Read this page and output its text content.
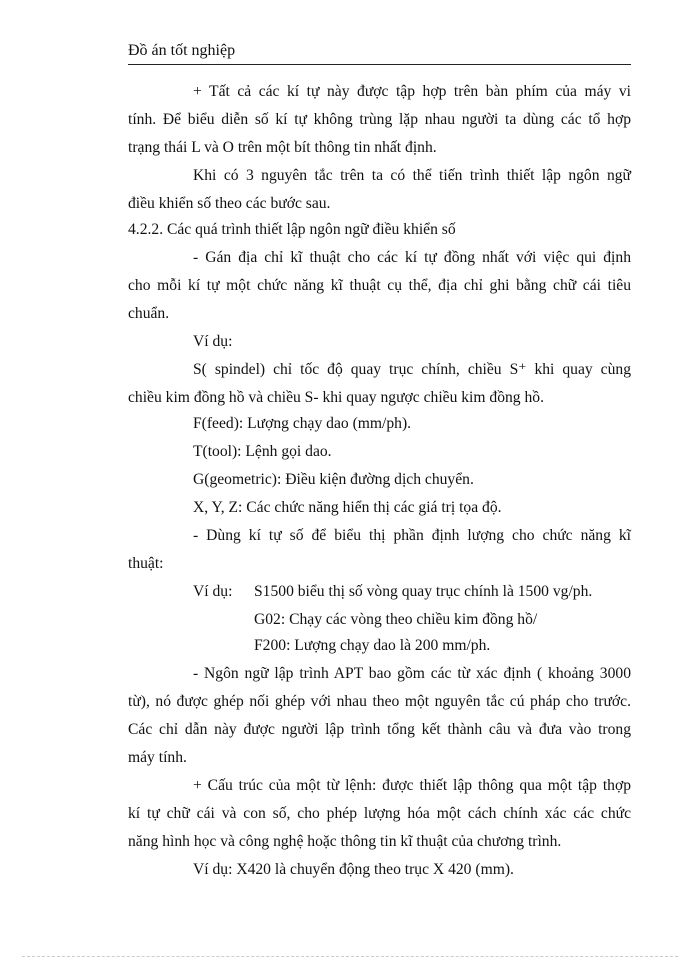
Đồ án tốt nghiệp
+ Tất cả các kí tự này được tập hợp trên bàn phím của máy vi
tính. Để biểu diễn số kí tự không trùng lặp nhau người ta dùng các tổ hợp
trạng thái L và O trên một bít thông tin nhất định.
Khi có 3 nguyên tắc trên ta có thể tiến trình thiết lập ngôn ngữ
điều khiển số theo các bước sau.
4.2.2. Các quá trình thiết lập ngôn ngữ điều khiển số
- Gán địa chỉ kĩ thuật cho các kí tự đồng nhất với việc qui định
cho mỗi kí tự một chức năng kĩ thuật cụ thể, địa chỉ ghi bằng chữ cái tiêu
chuẩn.
Ví dụ:
S( spindel) chỉ tốc độ quay trục chính, chiều S⁺ khi quay cùng
chiều kim đồng hồ và chiều S- khi quay ngược chiều kim đồng hồ.
F(feed): Lượng chạy dao (mm/ph).
T(tool): Lệnh gọi dao.
G(geometric): Điều kiện đường dịch chuyển.
X, Y, Z: Các chức năng hiển thị các giá trị tọa độ.
- Dùng kí tự số để biểu thị phần định lượng cho chức năng kĩ
thuật:
Ví dụ: S1500 biểu thị số vòng quay trục chính là 1500 vg/ph.
G02: Chạy các vòng theo chiều kim đồng hồ/
F200: Lượng chạy dao là 200 mm/ph.
- Ngôn ngữ lập trình APT bao gồm các từ xác định ( khoảng 3000
từ), nó được ghép nối ghép với nhau theo một nguyên tắc cú pháp cho trước.
Các chỉ dẫn này được người lập trình tổng kết thành câu và đưa vào trong
máy tính.
+ Cấu trúc của một từ lệnh: được thiết lập thông qua một tập thợp
kí tự chữ cái và con số, cho phép lượng hóa một cách chính xác các chức
năng hình học và công nghệ hoặc thông tin kĩ thuật của chương trình.
Ví dụ: X420 là chuyển động theo trục X 420 (mm).
